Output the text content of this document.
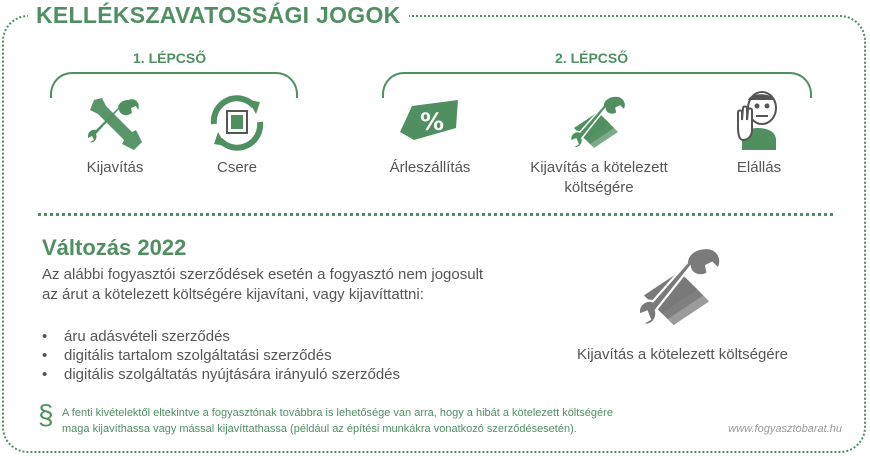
KELLÉKSZAVATOSSÁGI JOGOK
1. LÉPCSŐ
Kijavítás	Csere
2. LÉPCSŐ
%
Árleszállítás	Kijavítás a kötelezett
költségére
Elállás
Változás 2022
Az alábbi fogyasztói szerződések esetén a fogyasztó nem jogosult
az árut a kötelezett költségére kijavítani, vagy kijavíttattni:
• áru adásvételi szerződés
• digitális tartalom szolgáltatási szerződés
• digitális szolgáltatás nyújtására irányuló szerződés
Kijavítás a kötelezett költségére
§ A fenti kivételektől eltekintve a fogyasztónak továbbra is lehetősége van arra, hogy a hibát a kötelezett költségére
maga kijavíthassa vagy mással kijavíttathassa (például az építési munkákra vonatkozó szerződésesetén).	www.fogyasztobarat.hu
